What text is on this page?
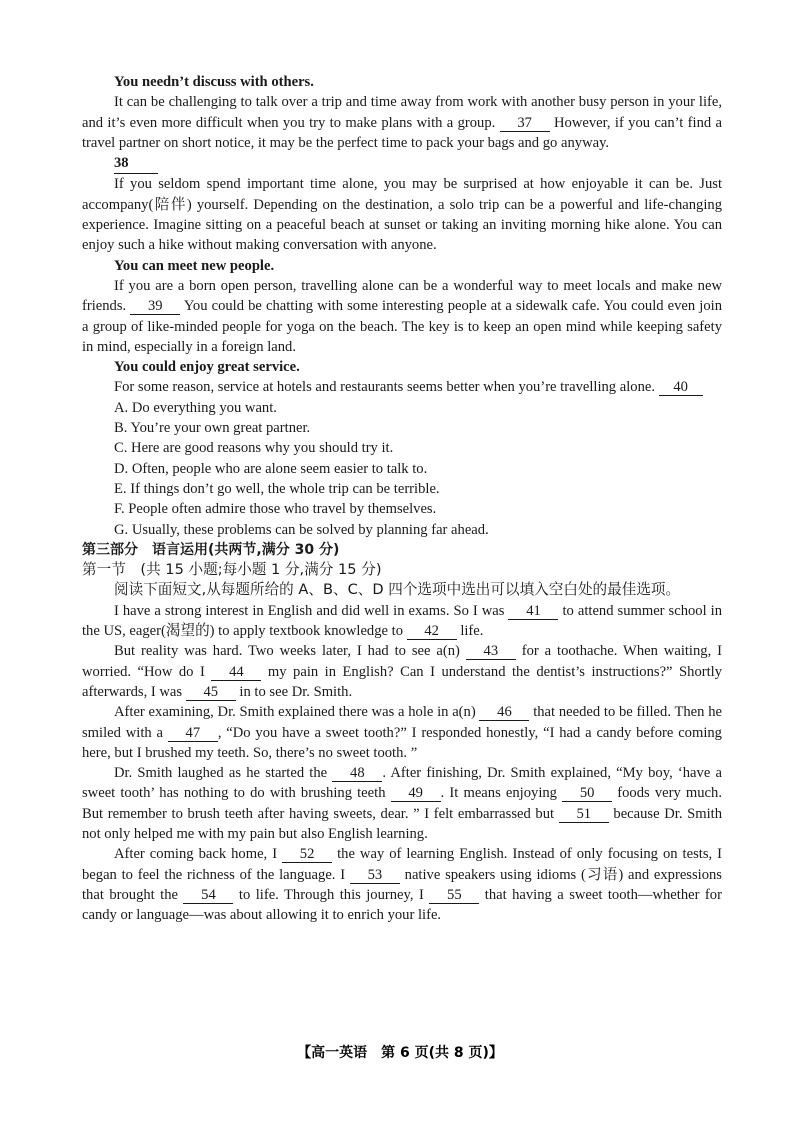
You needn’t discuss with others.

It can be challenging to talk over a trip and time away from work with another busy person in your life, and it’s even more difficult when you try to make plans with a group. 37 However, if you can’t find a travel partner on short notice, it may be the perfect time to pack your bags and go anyway.

38

If you seldom spend important time alone, you may be surprised at how enjoyable it can be. Just accompany(陪伴) yourself. Depending on the destination, a solo trip can be a powerful and life-changing experience. Imagine sitting on a peaceful beach at sunset or taking an inviting morning hike alone. You can enjoy such a hike without making conversation with anyone.

You can meet new people.

If you are a born open person, travelling alone can be a wonderful way to meet locals and make new friends. 39 You could be chatting with some interesting people at a sidewalk cafe. You could even join a group of like-minded people for yoga on the beach. The key is to keep an open mind while keeping safety in mind, especially in a foreign land.

You could enjoy great service.

For some reason, service at hotels and restaurants seems better when you’re travelling alone. 40

A. Do everything you want.

B. You’re your own great partner.

C. Here are good reasons why you should try it.

D. Often, people who are alone seem easier to talk to.

E. If things don’t go well, the whole trip can be terrible.

F. People often admire those who travel by themselves.

G. Usually, these problems can be solved by planning far ahead.

第三部分　语言运用(共两节,满分 30 分)

第一节　(共 15 小题;每小题 1 分,满分 15 分)

阅读下面短文,从每题所给的 A、B、C、D 四个选项中选出可以填入空白处的最佳选项。

I have a strong interest in English and did well in exams. So I was 41 to attend summer school in the US, eager(渴望的) to apply textbook knowledge to 42 life.

But reality was hard. Two weeks later, I had to see a(n) 43 for a toothache. When waiting, I worried. “How do I 44 my pain in English? Can I understand the dentist’s instructions?” Shortly afterwards, I was 45 in to see Dr. Smith.

After examining, Dr. Smith explained there was a hole in a(n) 46 that needed to be filled. Then he smiled with a 47 , “Do you have a sweet tooth?” I responded honestly, “I had a candy before coming here, but I brushed my teeth. So, there’s no sweet tooth. ”

Dr. Smith laughed as he started the 48 . After finishing, Dr. Smith explained, “My boy, ‘have a sweet tooth’ has nothing to do with brushing teeth 49 . It means enjoying 50 foods very much. But remember to brush teeth after having sweets, dear. ” I felt embarrassed but 51 because Dr. Smith not only helped me with my pain but also English learning.

After coming back home, I 52 the way of learning English. Instead of only focusing on tests, I began to feel the richness of the language. I 53 native speakers using idioms (习语) and expressions that brought the 54 to life. Through this journey, I 55 that having a sweet tooth—whether for candy or language—was about allowing it to enrich your life.

【高一英语　第 6 页(共 8 页)】
